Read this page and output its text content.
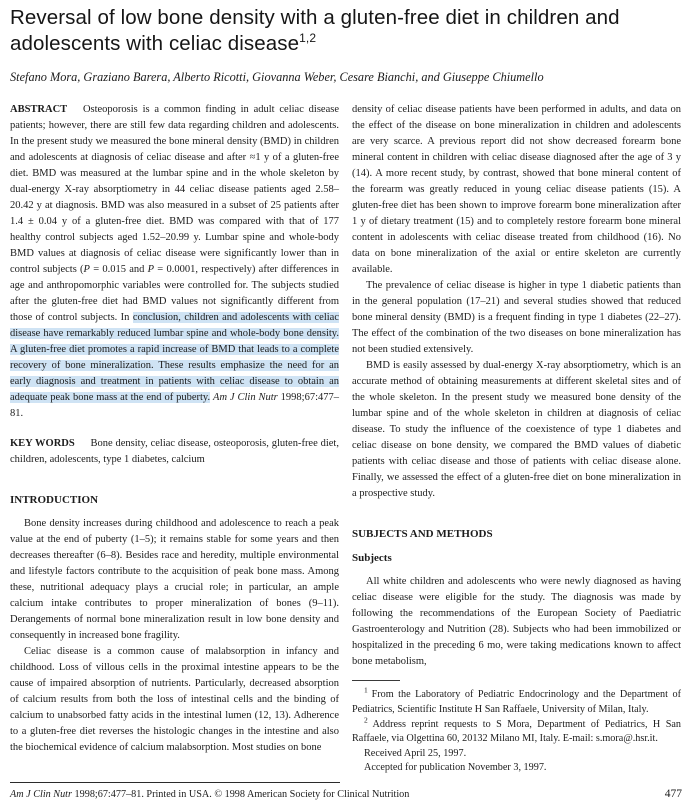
Reversal of low bone density with a gluten-free diet in children and adolescents with celiac disease$^{1,2}$
Stefano Mora, Graziano Barera, Alberto Ricotti, Giovanna Weber, Cesare Bianchi, and Giuseppe Chiumello

ABSTRACT   Osteoporosis is a common finding in adult celiac disease patients; however, there are still few data regarding children and adolescents. In the present study we measured the bone mineral density (BMD) in children and adolescents at diagnosis of celiac disease and after ≈1 y of a gluten-free diet. BMD was measured at the lumbar spine and in the whole skeleton by dual-energy X-ray absorptiometry in 44 celiac disease patients aged 2.58–20.42 y at diagnosis. BMD was also measured in a subset of 25 patients after 1.4 ± 0.04 y of a gluten-free diet. BMD was compared with that of 177 healthy control subjects aged 1.52–20.99 y. Lumbar spine and whole-body BMD values at diagnosis of celiac disease were significantly lower than in control subjects (P = 0.015 and P = 0.0001, respectively) after differences in age and anthropomorphic variables were controlled for. The subjects studied after the gluten-free diet had BMD values not significantly different from those of control subjects. In conclusion, children and adolescents with celiac disease have remarkably reduced lumbar spine and whole-body bone density. A gluten-free diet promotes a rapid increase of BMD that leads to a complete recovery of bone mineralization. These results emphasize the need for an early diagnosis and treatment in patients with celiac disease to obtain an adequate peak bone mass at the end of puberty. Am J Clin Nutr 1998;67:477–81.

KEY WORDS   Bone density, celiac disease, osteoporosis, gluten-free diet, children, adolescents, type 1 diabetes, calcium

INTRODUCTION

Bone density increases during childhood and adolescence to reach a peak value at the end of puberty (1–5); it remains stable for some years and then decreases thereafter (6–8). Besides race and heredity, multiple environmental and lifestyle factors contribute to the acquisition of peak bone mass. Among these, nutritional adequacy plays a crucial role; in particular, an ample calcium intake contributes to proper mineralization of bones (9–11). Derangements of normal bone mineralization result in low bone density and consequently in increased bone fragility.

Celiac disease is a common cause of malabsorption in infancy and childhood. Loss of villous cells in the proximal intestine appears to be the cause of impaired absorption of nutrients. Particularly, decreased absorption of calcium results from both the loss of intestinal cells and the binding of calcium to unabsorbed fatty acids in the intestinal lumen (12, 13). Adherence to a gluten-free diet reverses the histologic changes in the intestine and also the biochemical evidence of calcium malabsorption. Most studies on bone

density of celiac disease patients have been performed in adults, and data on the effect of the disease on bone mineralization in children and adolescents are very scarce. A previous report did not show decreased forearm bone mineral content in children with celiac disease diagnosed after the age of 3 y (14). A more recent study, by contrast, showed that bone mineral content of the forearm was greatly reduced in young celiac disease patients (15). A gluten-free diet has been shown to improve forearm bone mineralization after 1 y of dietary treatment (15) and to completely restore forearm bone mineral content in adolescents with celiac disease treated from childhood (16). No data on bone mineralization of the axial or entire skeleton are currently available.

The prevalence of celiac disease is higher in type 1 diabetic patients than in the general population (17–21) and several studies showed that reduced bone mineral density (BMD) is a frequent finding in type 1 diabetes (22–27). The effect of the combination of the two diseases on bone mineralization has not been studied extensively.

BMD is easily assessed by dual-energy X-ray absorptiometry, which is an accurate method of obtaining measurements at different skeletal sites and of the whole skeleton. In the present study we measured bone density of the lumbar spine and of the whole skeleton in children at diagnosis of celiac disease. To study the influence of the coexistence of type 1 diabetes and celiac disease on bone density, we compared the BMD values of diabetic patients with celiac disease and those of patients with celiac disease alone. Finally, we assessed the effect of a gluten-free diet on bone mineralization in a prospective study.

SUBJECTS AND METHODS
Subjects

All white children and adolescents who were newly diagnosed as having celiac disease were eligible for the study. The diagnosis was made by following the recommendations of the European Society of Paediatric Gastroenterology and Nutrition (28). Subjects who had been immobilized or hospitalized in the preceding 6 mo, were taking medications known to affect bone metabolism,

$^1$ From the Laboratory of Pediatric Endocrinology and the Department of Pediatrics, Scientific Institute H San Raffaele, University of Milan, Italy.

$^2$ Address reprint requests to S Mora, Department of Pediatrics, H San Raffaele, via Olgettina 60, 20132 Milano MI, Italy. E-mail: s.mora@.hsr.it.

Received April 25, 1997.

Accepted for publication November 3, 1997.

Am J Clin Nutr 1998;67:477–81. Printed in USA. © 1998 American Society for Clinical Nutrition	477
